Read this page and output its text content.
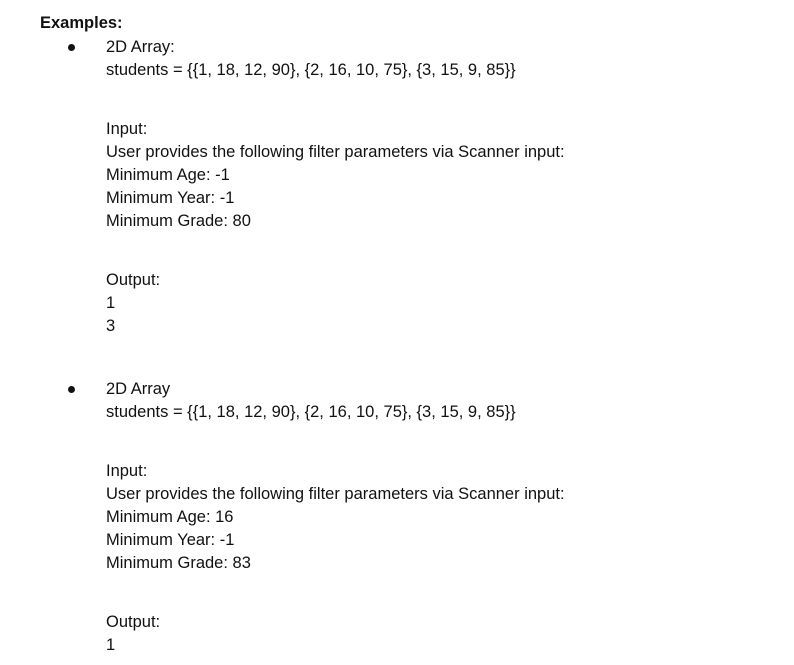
Examples:
2D Array:
students = {{1, 18, 12, 90}, {2, 16, 10, 75}, {3, 15, 9, 85}}
Input:
User provides the following filter parameters via Scanner input:
Minimum Age: -1
Minimum Year: -1
Minimum Grade: 80
Output:
1
3
2D Array
students = {{1, 18, 12, 90}, {2, 16, 10, 75}, {3, 15, 9, 85}}
Input:
User provides the following filter parameters via Scanner input:
Minimum Age: 16
Minimum Year: -1
Minimum Grade: 83
Output:
1
